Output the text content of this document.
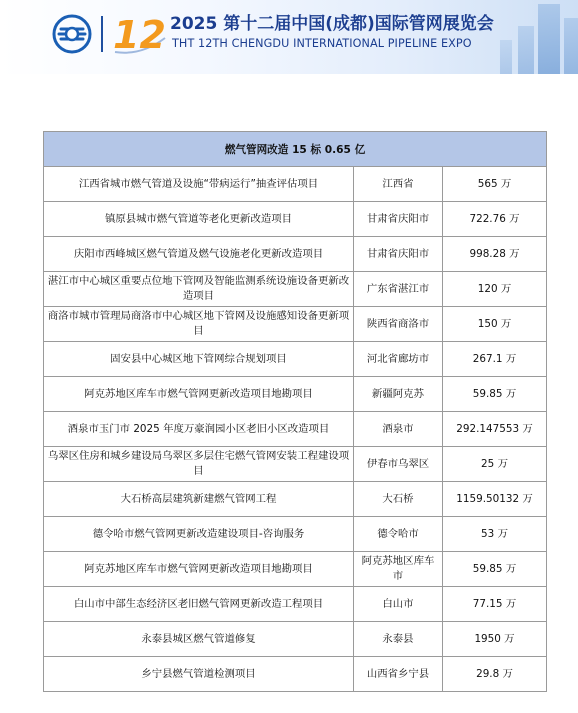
12 2025 第十二届中国(成都)国际管网展览会

THT 12TH CHENGDU INTERNATIONAL PIPELINE EXPO

燃气管网改造 15 标 0.65 亿		
江西省城市燃气管道及设施“带病运行”抽查评估项目	江西省	565 万
镇原县城市燃气管道等老化更新改造项目	甘肃省庆阳市	722.76 万
庆阳市西峰城区燃气管道及燃气设施老化更新改造项目	甘肃省庆阳市	998.28 万
湛江市中心城区重要点位地下管网及智能监测系统设施设备更新改造项目	广东省湛江市	120 万
商洛市城市管理局商洛市中心城区地下管网及设施感知设备更新项目	陕西省商洛市	150 万
固安县中心城区地下管网综合规划项目	河北省廊坊市	267.1 万
阿克苏地区库车市燃气管网更新改造项目地勘项目	新疆阿克苏	59.85 万
酒泉市玉门市 2025 年度万豪润园小区老旧小区改造项目	酒泉市	292.147553 万
乌翠区住房和城乡建设局乌翠区多层住宅燃气管网安装工程建设项目	伊春市乌翠区	25 万
大石桥高层建筑新建燃气管网工程	大石桥	1159.50132 万
德令哈市燃气管网更新改造建设项目-咨询服务	德令哈市	53 万
阿克苏地区库车市燃气管网更新改造项目地勘项目	阿克苏地区库车市	59.85 万
白山市中部生态经济区老旧燃气管网更新改造工程项目	白山市	77.15 万
永泰县城区燃气管道修复	永泰县	1950 万
乡宁县燃气管道检测项目	山西省乡宁县	29.8 万
